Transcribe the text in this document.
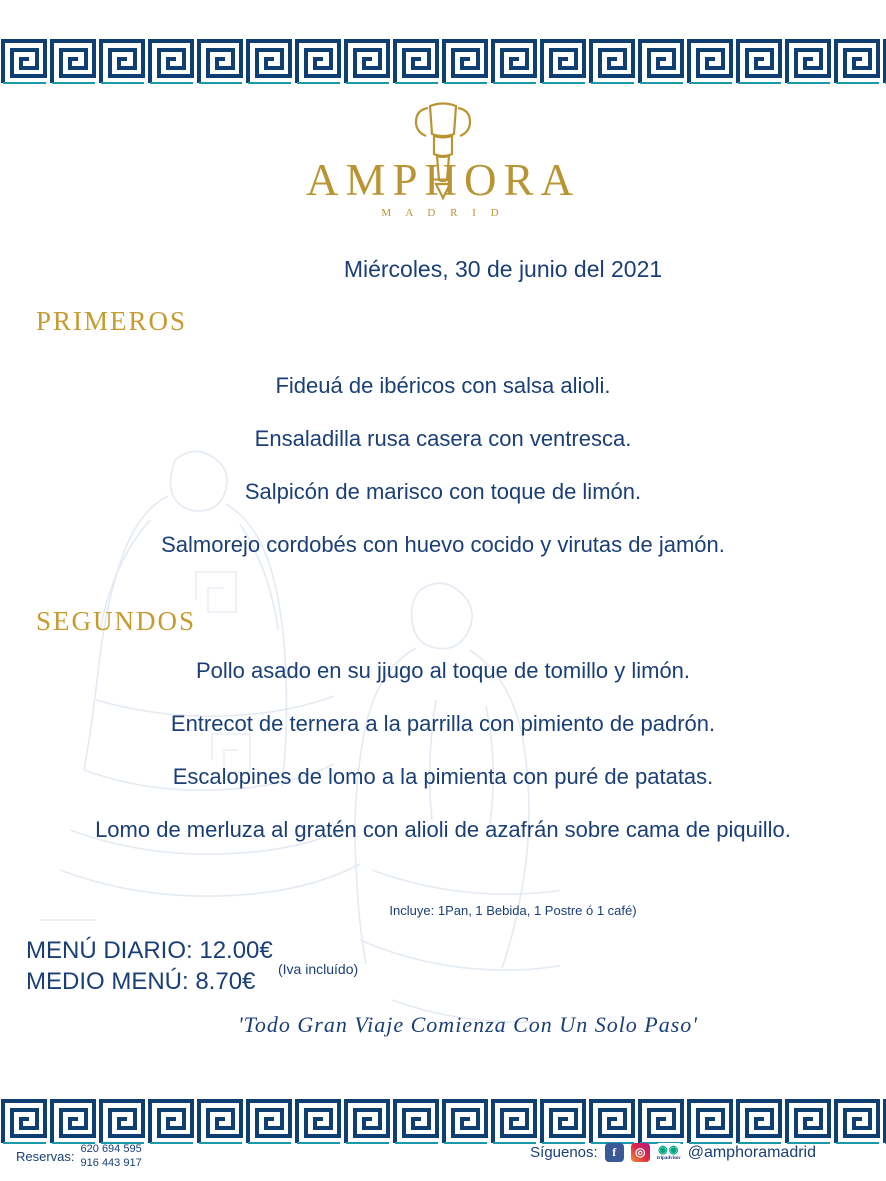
AMPHORA
M A D R I D
Miércoles, 30 de junio del 2021
PRIMEROS

Fideuá de ibéricos con salsa alioli.

Ensaladilla rusa casera con ventresca.

Salpicón de marisco con toque de limón.

Salmorejo cordobés con huevo cocido y virutas de jamón.

SEGUNDOS

Pollo asado en su jjugo al toque de tomillo y limón.

Entrecot de ternera a la parrilla con pimiento de padrón.

Escalopines de lomo a la pimienta con puré de patatas.

Lomo de merluza al gratén con alioli de azafrán sobre cama de piquillo.

Incluye: 1Pan, 1 Bebida, 1 Postre ó 1 café)
MENÚ DIARIO: 12.00€
MEDIO MENÚ: 8.70€	(Iva incluído)
'Todo Gran Viaje Comienza Con Un Solo Paso'
Reservas:
620 694 595
916 443 917
Síguenos:	f	◎	◉◉
tripadvisor @amphoramadrid
